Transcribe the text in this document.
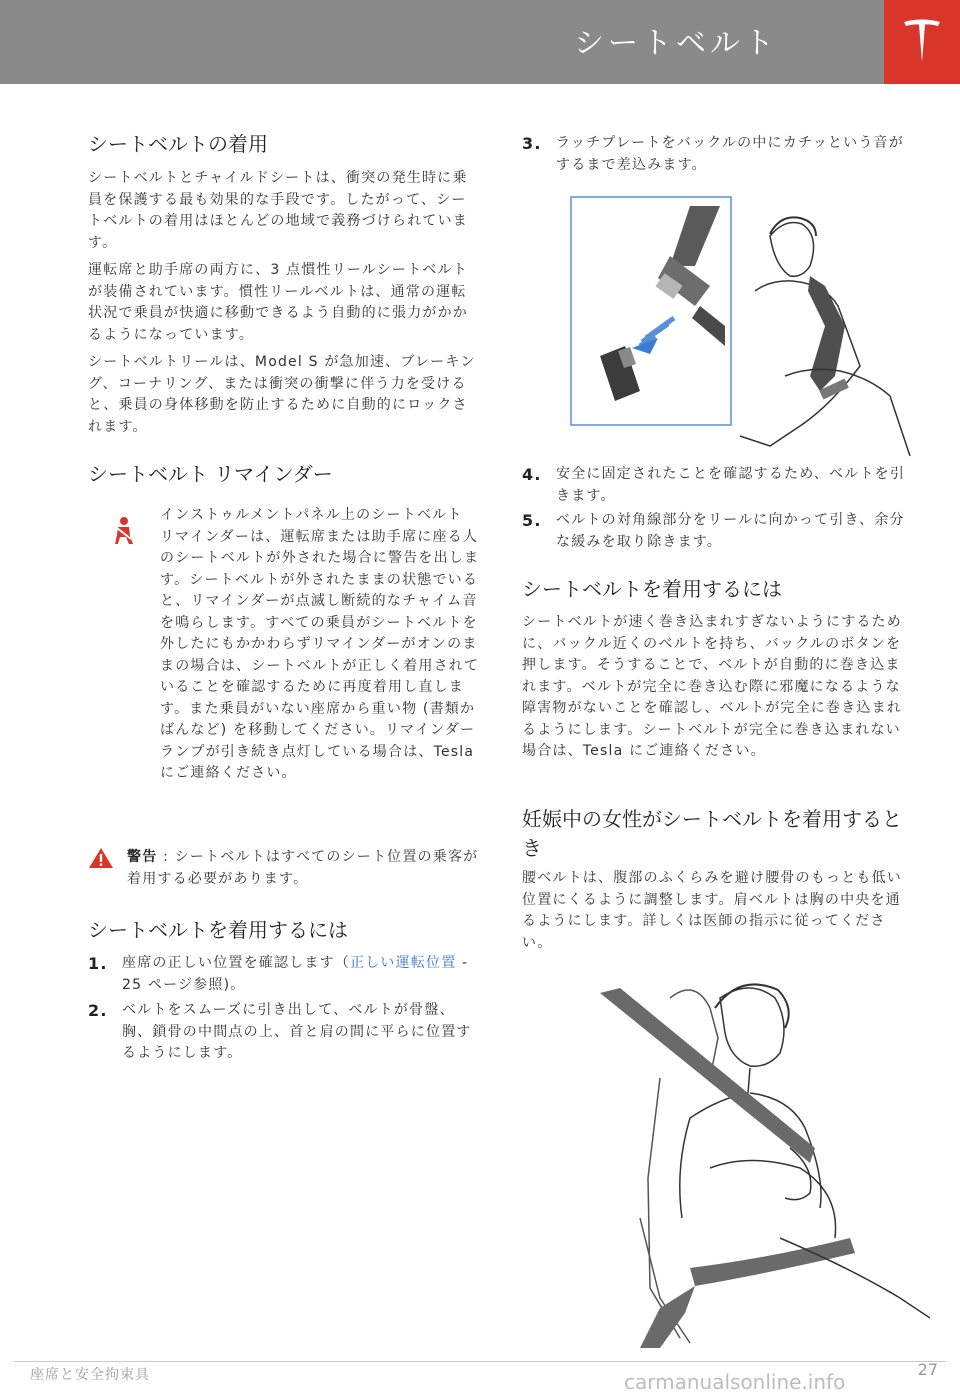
シートベルト
シートベルトの着用

シートベルトとチャイルドシートは、衝突の発生時に乗員を保護する最も効果的な手段です。したがって、シートベルトの着用はほとんどの地域で義務づけられています。

運転席と助手席の両方に、3 点慣性リールシートベルトが装備されています。慣性リールベルトは、通常の運転状況で乗員が快適に移動できるよう自動的に張力がかかるようになっています。

シートベルトリールは、Model S が急加速、ブレーキング、コーナリング、または衝突の衝撃に伴う力を受けると、乗員の身体移動を防止するために自動的にロックされます。

シートベルト リマインダー

インストゥルメントパネル上のシートベルト リマインダーは、運転席または助手席に座る人のシートベルトが外された場合に警告を出します。シートベルトが外されたままの状態でいると、リマインダーが点滅し断続的なチャイム音を鳴らします。すべての乗員がシートベルトを外したにもかかわらずリマインダーがオンのままの場合は、シートベルトが正しく着用されていることを確認するために再度着用し直します。また乗員がいない座席から重い物 (書類かばんなど) を移動してください。リマインダーランプが引き続き点灯している場合は、Tesla にご連絡ください。

警告 : シートベルトはすべてのシート位置の乗客が着用する必要があります。

シートベルトを着用するには
1. 座席の正しい位置を確認します（正しい運転位置 - 25 ページ参照)。
2. ベルトをスムーズに引き出して、ベルトが骨盤、胸、鎖骨の中間点の上、首と肩の間に平らに位置するようにします。
3. ラッチプレートをバックルの中にカチッという音がするまで差込みます。
4. 安全に固定されたことを確認するため、ベルトを引きます。
5. ベルトの対角線部分をリールに向かって引き、余分な緩みを取り除きます。
シートベルトを着用するには

シートベルトが速く巻き込まれすぎないようにするために、バックル近くのベルトを持ち、バックルのボタンを押します。そうすることで、ベルトが自動的に巻き込まれます。ベルトが完全に巻き込む際に邪魔になるような障害物がないことを確認し、ベルトが完全に巻き込まれるようにします。シートベルトが完全に巻き込まれない場合は、Tesla にご連絡ください。

妊娠中の女性がシートベルトを着用するとき

腰ベルトは、腹部のふくらみを避け腰骨のもっとも低い位置にくるように調整します。肩ベルトは胸の中央を通るようにします。詳しくは医師の指示に従ってください。

座席と安全拘束具	carmanualsonline.info
27
